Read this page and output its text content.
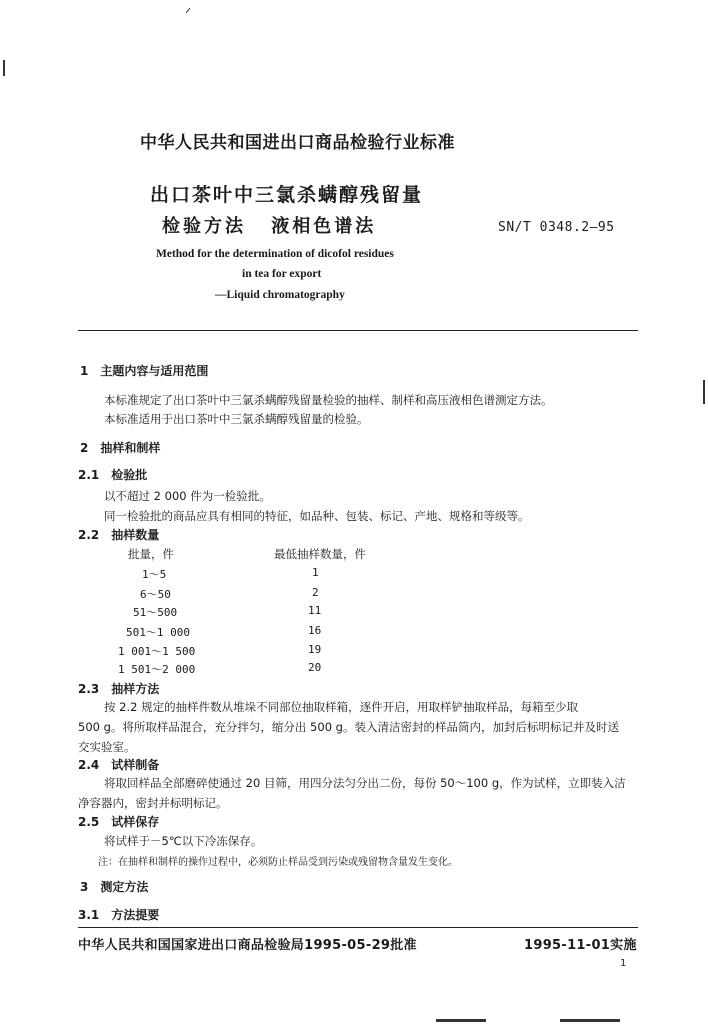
中华人民共和国进出口商品检验行业标准
出口茶叶中三氯杀螨醇残留量
检验方法 液相色谱法	SN/T 0348.2—95
Method for the determination of dicofol residues
in tea for export
—Liquid chromatography
1　主题内容与适用范围
本标准规定了出口茶叶中三氯杀螨醇残留量检验的抽样、制样和高压液相色谱测定方法。
本标准适用于出口茶叶中三氯杀螨醇残留量的检验。
2　抽样和制样
2.1　检验批
以不超过 2 000 件为一检验批。
同一检验批的商品应具有相同的特征，如品种、包装、标记、产地、规格和等级等。
2.2　抽样数量
批量，件	最低抽样数量，件
1～5	1
6～50	2
51～500	11
501～1 000	16
1 001～1 500	19
1 501～2 000	20
2.3　抽样方法
按 2.2 规定的抽样件数从堆垛不同部位抽取样箱，逐件开启，用取样铲抽取样品，每箱至少取
500 g。将所取样品混合，充分拌匀，缩分出 500 g。装入清洁密封的样品筒内，加封后标明标记并及时送
交实验室。
2.4　试样制备
将取回样品全部磨碎使通过 20 目筛，用四分法匀分出二份，每份 50～100 g，作为试样，立即装入洁
净容器内，密封并标明标记。
2.5　试样保存
将试样于－5℃以下冷冻保存。
注：在抽样和制样的操作过程中，必须防止样品受到污染或残留物含量发生变化。
3　测定方法
3.1　方法提要
中华人民共和国国家进出口商品检验局1995-05-29批准	1995-11-01实施
1
